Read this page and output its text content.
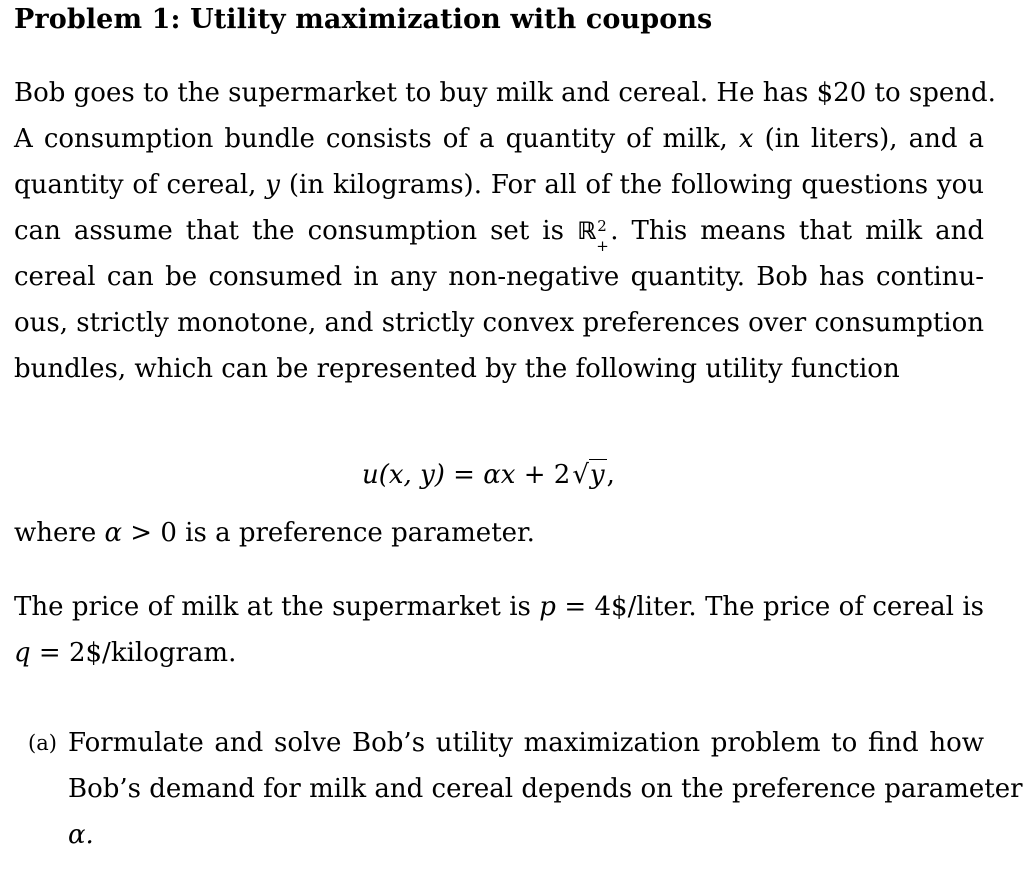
Problem 1: Utility maximization with coupons
Bob goes to the supermarket to buy milk and cereal. He has $20 to spend.
A consumption bundle consists of a quantity of milk, x (in liters), and a
quantity of cereal, y (in kilograms). For all of the following questions you
can assume that the consumption set is ℝ 2
+ . This means that milk and
cereal can be consumed in any non-negative quantity. Bob has continu-
ous, strictly monotone, and strictly convex preferences over consumption
bundles, which can be represented by the following utility function
u(x, y) = αx + 2√y,
where α > 0 is a preference parameter.
The price of milk at the supermarket is p = 4$/liter. The price of cereal is
q = 2$/kilogram.
(a) Formulate and solve Bob’s utility maximization problem to find how
Bob’s demand for milk and cereal depends on the preference parameter
α.
